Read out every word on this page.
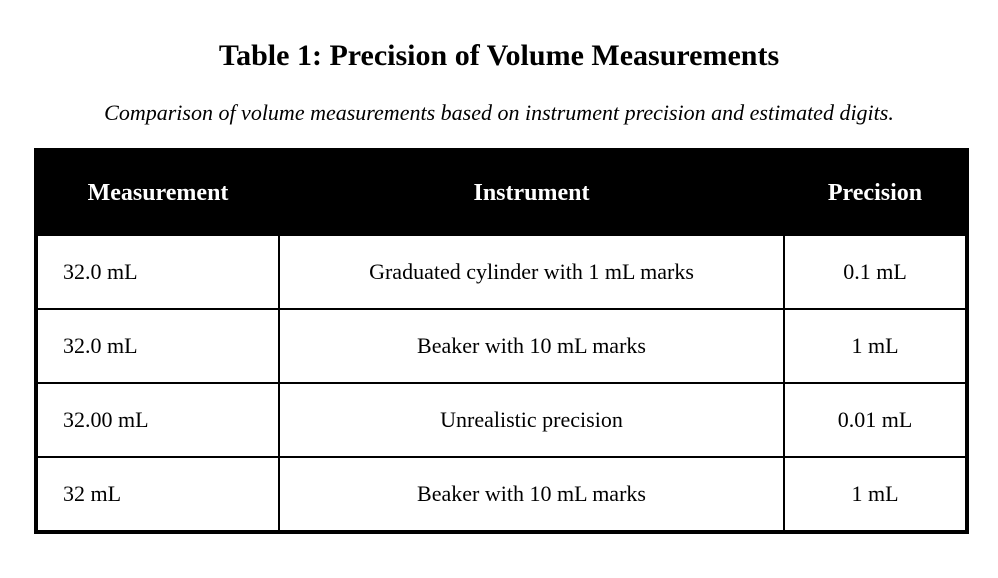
Table 1: Precision of Volume Measurements
Comparison of volume measurements based on instrument precision and estimated digits.
Measurement	Instrument	Precision
32.0 mL	Graduated cylinder with 1 mL marks	0.1 mL
32.0 mL	Beaker with 10 mL marks	1 mL
32.00 mL	Unrealistic precision	0.01 mL
32 mL	Beaker with 10 mL marks	1 mL
